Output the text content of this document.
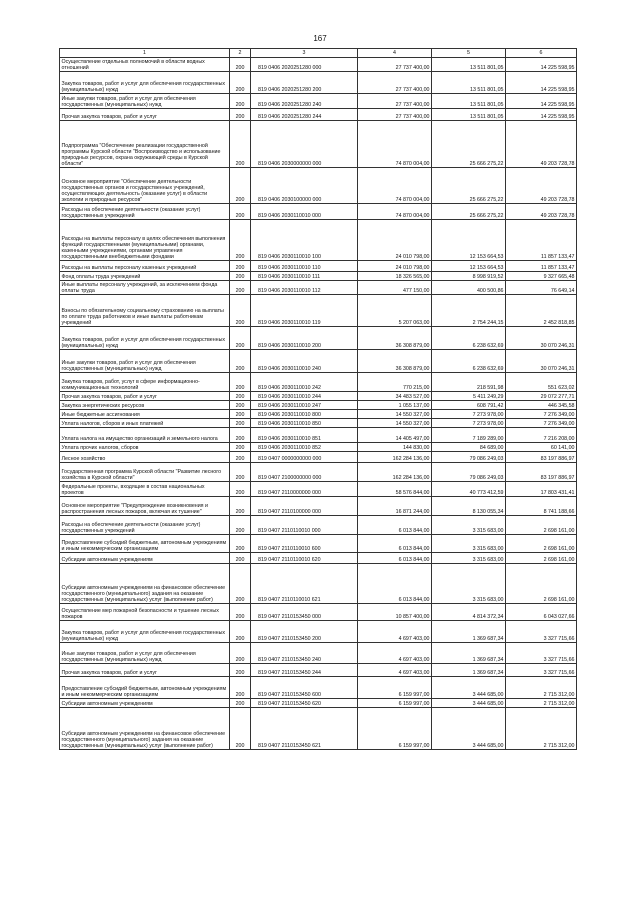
167
1	2	3	4	5	6
Осуществление отдельных полномочий в области водных отношений	200	819 0406 2020251280 000	27 737 400,00	13 511 801,05	14 225 598,95
Закупка товаров, работ и услуг для обеспечения государственных (муниципальных) нужд	200	819 0406 2020251280 200	27 737 400,00	13 511 801,05	14 225 598,95
Иные закупки товаров, работ и услуг для обеспечения государственных (муниципальных) нужд	200	819 0406 2020251280 240	27 737 400,00	13 511 801,05	14 225 598,95
Прочая закупка товаров, работ и услуг	200	819 0406 2020251280 244	27 737 400,00	13 511 801,05	14 225 598,95
Подпрограмма "Обеспечение реализации государственной программы Курской области "Воспроизводство и использование природных ресурсов, охрана окружающей среды в Курской области"	200	819 0406 2030000000 000	74 870 004,00	25 666 275,22	49 203 728,78
Основное мероприятие "Обеспечение деятельности государственных органов и государственных учреждений, осуществляющих деятельность (оказание услуг) в области экологии и природных ресурсов"	200	819 0406 2030100000 000	74 870 004,00	25 666 275,22	49 203 728,78
Расходы на обеспечение деятельности (оказание услуг) государственных учреждений	200	819 0406 2030110010 000	74 870 004,00	25 666 275,22	49 203 728,78
Расходы на выплаты персоналу в целях обеспечения выполнения функций государственными (муниципальными) органами, казенными учреждениями, органами управления государственными внебюджетными фондами	200	819 0406 2030110010 100	24 010 798,00	12 153 664,53	11 857 133,47
Расходы на выплаты персоналу казенных учреждений	200	819 0406 2030110010 110	24 010 798,00	12 153 664,53	11 857 133,47
Фонд оплаты труда учреждений	200	819 0406 2030110010 111	18 326 565,00	8 998 919,52	9 327 665,48
Иные выплаты персоналу учреждений, за исключением фонда оплаты труда	200	819 0406 2030110010 112	477 150,00	400 500,86	76 649,14
Взносы по обязательному социальному страхованию на выплаты по оплате труда работников и иные выплаты работникам учреждений	200	819 0406 2030110010 119	5 207 063,00	2 754 244,15	2 452 818,85
Закупка товаров, работ и услуг для обеспечения государственных (муниципальных) нужд	200	819 0406 2030110010 200	36 308 879,00	6 238 632,69	30 070 246,31
Иные закупки товаров, работ и услуг для обеспечения государственных (муниципальных) нужд	200	819 0406 2030110010 240	36 308 879,00	6 238 632,69	30 070 246,31
Закупка товаров, работ, услуг в сфере информационно-коммуникационных технологий	200	819 0406 2030110010 242	770 215,00	218 591,98	551 623,02
Прочая закупка товаров, работ и услуг	200	819 0406 2030110010 244	34 483 527,00	5 411 249,29	29 072 277,71
Закупка энергетических ресурсов	200	819 0406 2030110010 247	1 055 137,00	608 791,42	446 345,58
Иные бюджетные ассигнования	200	819 0406 2030110010 800	14 550 327,00	7 273 978,00	7 276 349,00
Уплата налогов, сборов и иных платежей	200	819 0406 2030110010 850	14 550 327,00	7 273 978,00	7 276 349,00
Уплата налога на имущество организаций и земельного налога	200	819 0406 2030110010 851	14 405 497,00	7 189 289,00	7 216 208,00
Уплата прочих налогов, сборов	200	819 0406 2030110010 852	144 830,00	84 689,00	60 141,00
Лесное хозяйство	200	819 0407 0000000000 000	162 284 136,00	79 086 249,03	83 197 886,97
Государственная программа Курской области "Развитие лесного хозяйства в Курской области"	200	819 0407 2100000000 000	162 284 136,00	79 086 249,03	83 197 886,97
Федеральные проекты, входящие в состав национальных проектов	200	819 0407 2110000000 000	58 576 844,00	40 773 412,59	17 803 431,41
Основное мероприятие "Предупреждение возникновения и распространения лесных пожаров, включая их тушение"	200	819 0407 2110100000 000	16 871 244,00	8 130 055,34	8 741 188,66
Расходы на обеспечение деятельности (оказание услуг) государственных учреждений	200	819 0407 2110110010 000	6 013 844,00	3 315 683,00	2 698 161,00
Предоставление субсидий бюджетным, автономным учреждениям и иным некоммерческим организациям	200	819 0407 2110110010 600	6 013 844,00	3 315 683,00	2 698 161,00
Субсидии автономным учреждениям	200	819 0407 2110110010 620	6 013 844,00	3 315 683,00	2 698 161,00
Субсидии автономным учреждениям на финансовое обеспечение государственного (муниципального) задания на оказание государственных (муниципальных) услуг (выполнение работ)	200	819 0407 2110110010 621	6 013 844,00	3 315 683,00	2 698 161,00
Осуществление мер пожарной безопасности и тушение лесных пожаров	200	819 0407 2110153450 000	10 857 400,00	4 814 372,34	6 043 027,66
Закупка товаров, работ и услуг для обеспечения государственных (муниципальных) нужд	200	819 0407 2110153450 200	4 697 403,00	1 369 687,34	3 327 715,66
Иные закупки товаров, работ и услуг для обеспечения государственных (муниципальных) нужд	200	819 0407 2110153450 240	4 697 403,00	1 369 687,34	3 327 715,66
Прочая закупка товаров, работ и услуг	200	819 0407 2110153450 244	4 697 403,00	1 369 687,34	3 327 715,66
Предоставление субсидий бюджетным, автономным учреждениям и иным некоммерческим организациям	200	819 0407 2110153450 600	6 159 997,00	3 444 685,00	2 715 312,00
Субсидии автономным учреждениям	200	819 0407 2110153450 620	6 159 997,00	3 444 685,00	2 715 312,00
Субсидии автономным учреждениям на финансовое обеспечение государственного (муниципального) задания на оказание государственных (муниципальных) услуг (выполнение работ)	200	819 0407 2110153450 621	6 159 997,00	3 444 685,00	2 715 312,00
